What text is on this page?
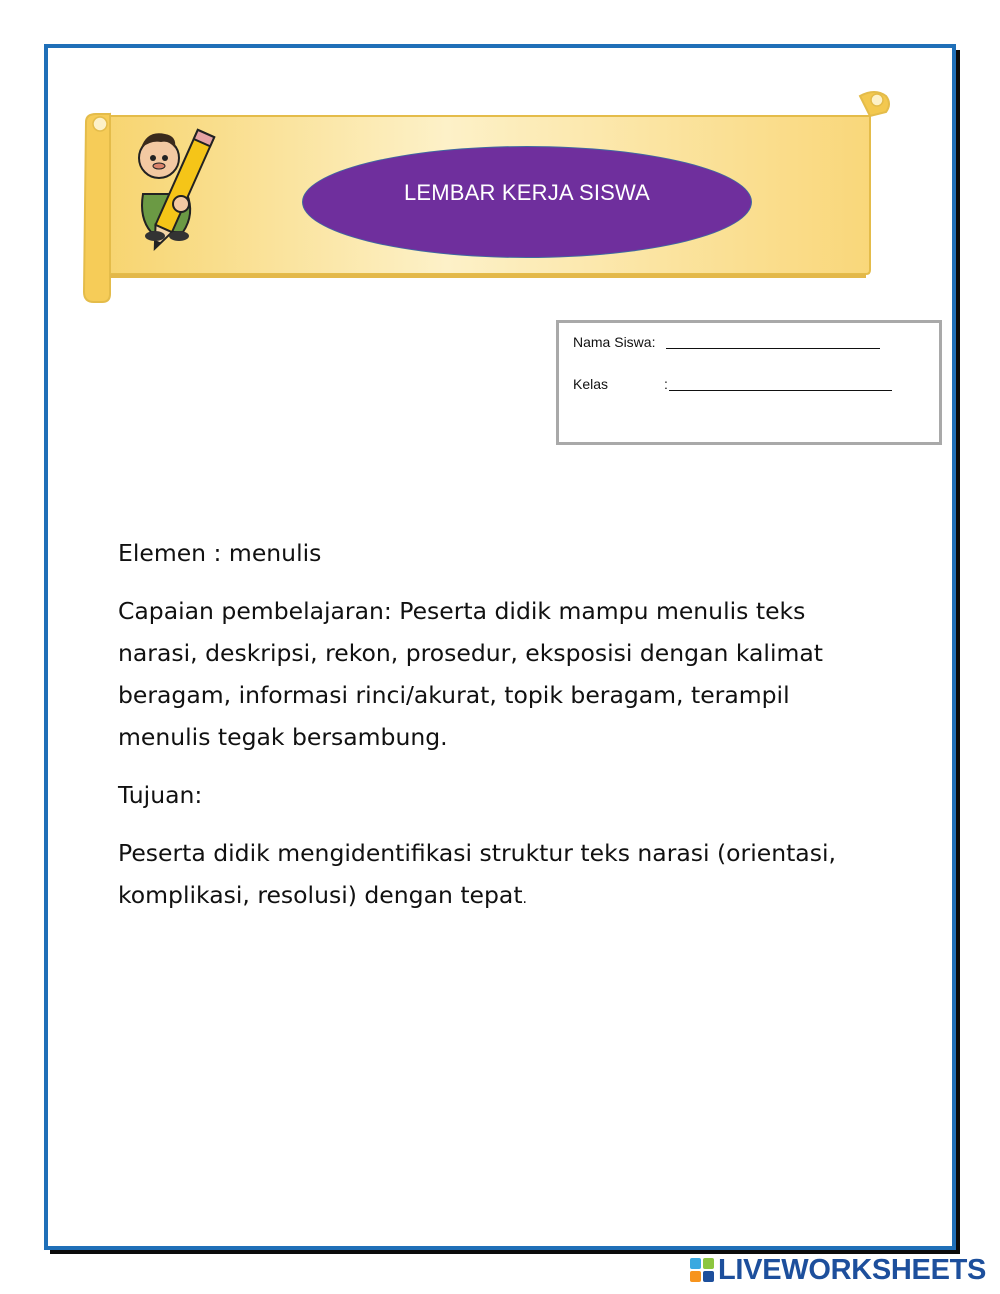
LEMBAR KERJA SISWA
Nama Siswa:
Kelas	:

Elemen : menulis

Capaian pembelajaran: Peserta didik mampu menulis teks narasi, deskripsi, rekon, prosedur, eksposisi dengan kalimat beragam, informasi rinci/akurat, topik beragam, terampil menulis tegak bersambung.

Tujuan:

Peserta didik mengidentifikasi struktur teks narasi (orientasi, komplikasi, resolusi) dengan tepat.

LIVEWORKSHEETS
